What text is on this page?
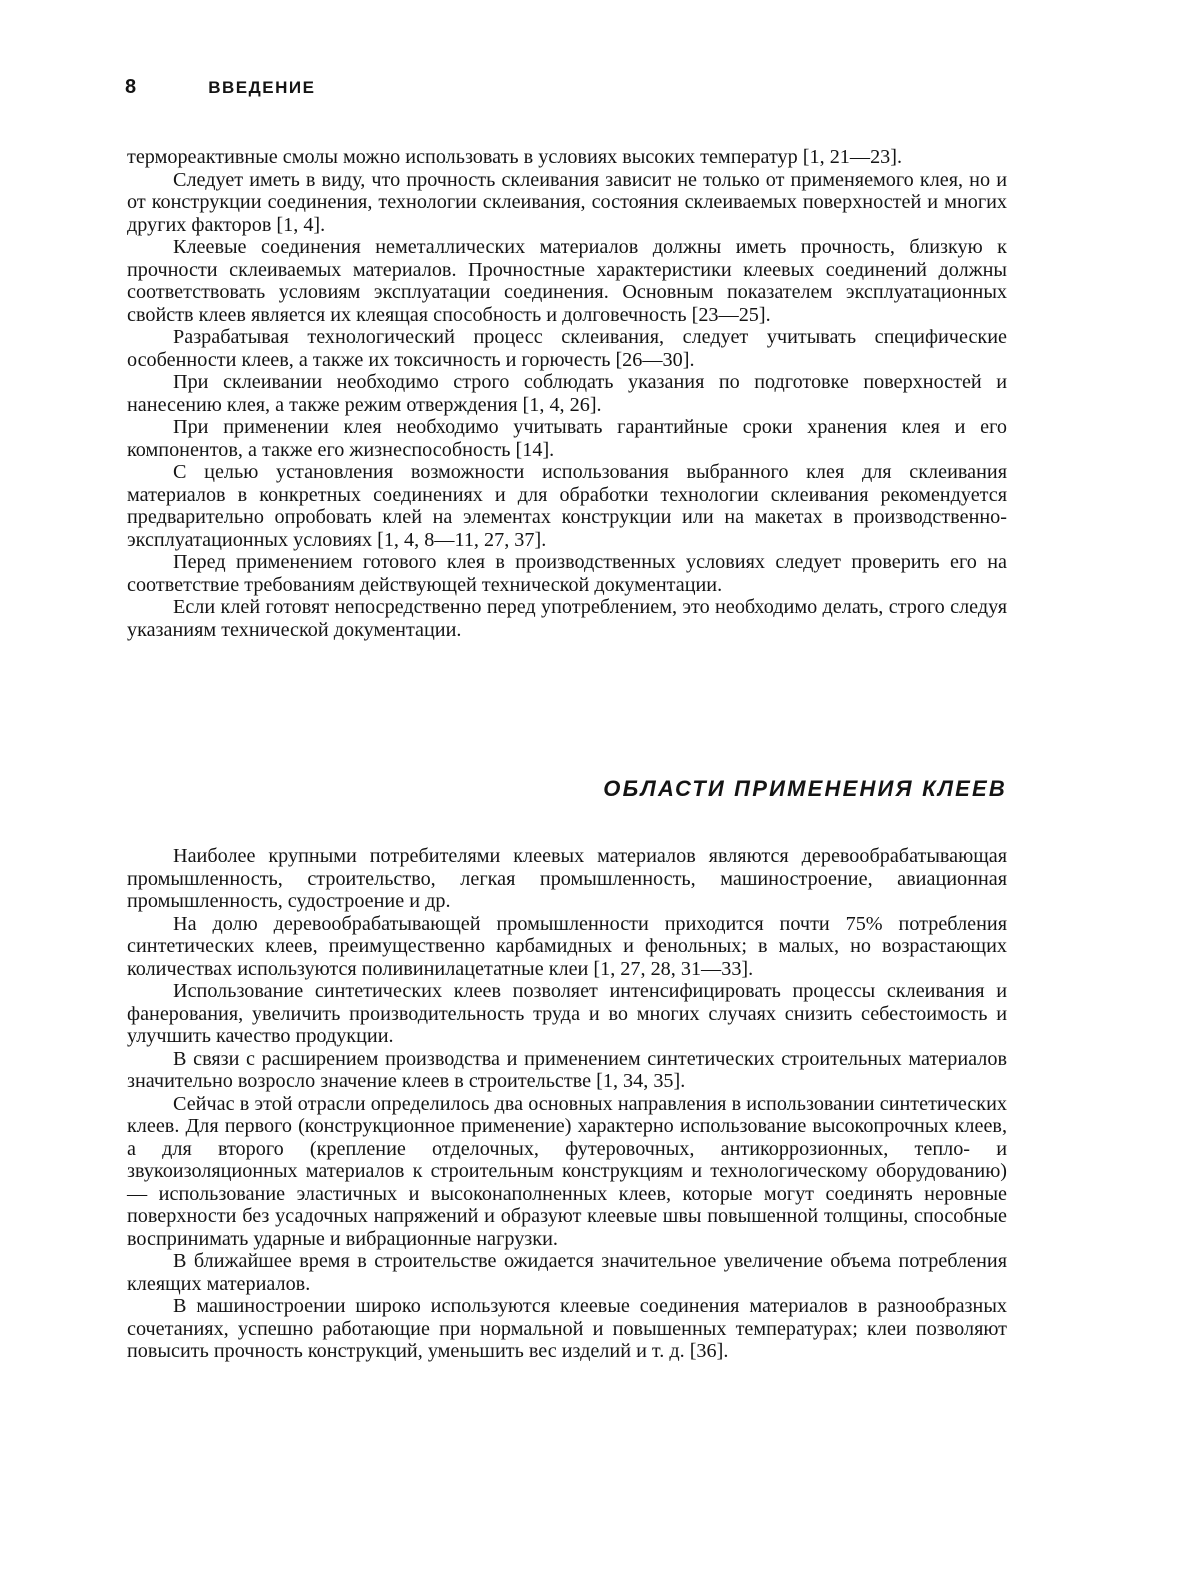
8	ВВЕДЕНИЕ

термореактивные смолы можно использовать в условиях высоких температур [1, 21—23].

Следует иметь в виду, что прочность склеивания зависит не только от применяемого клея, но и от конструкции соединения, технологии склеивания, состояния склеиваемых поверхностей и многих других факторов [1, 4].

Клеевые соединения неметаллических материалов должны иметь прочность, близкую к прочности склеиваемых материалов. Прочностные характеристики клеевых соединений должны соответствовать условиям эксплуатации соединения. Основным показателем эксплуатационных свойств клеев является их клеящая способность и долговечность [23—25].

Разрабатывая технологический процесс склеивания, следует учитывать специфические особенности клеев, а также их токсичность и горючесть [26—30].

При склеивании необходимо строго соблюдать указания по подготовке поверхностей и нанесению клея, а также режим отверждения [1, 4, 26].

При применении клея необходимо учитывать гарантийные сроки хранения клея и его компонентов, а также его жизнеспособность [14].

С целью установления возможности использования выбранного клея для склеивания материалов в конкретных соединениях и для обработки технологии склеивания рекомендуется предварительно опробовать клей на элементах конструкции или на макетах в производственно-эксплуатационных условиях [1, 4, 8—11, 27, 37].

Перед применением готового клея в производственных условиях следует проверить его на соответствие требованиям действующей технической документации.

Если клей готовят непосредственно перед употреблением, это необходимо делать, строго следуя указаниям технической документации.

ОБЛАСТИ ПРИМЕНЕНИЯ КЛЕЕВ

Наиболее крупными потребителями клеевых материалов являются деревообрабатывающая промышленность, строительство, легкая промышленность, машиностроение, авиационная промышленность, судостроение и др.

На долю деревообрабатывающей промышленности приходится почти 75% потребления синтетических клеев, преимущественно карбамидных и фенольных; в малых, но возрастающих количествах используются поливинилацетатные клеи [1, 27, 28, 31—33].

Использование синтетических клеев позволяет интенсифицировать процессы склеивания и фанерования, увеличить производительность труда и во многих случаях снизить себестоимость и улучшить качество продукции.

В связи с расширением производства и применением синтетических строительных материалов значительно возросло значение клеев в строительстве [1, 34, 35].

Сейчас в этой отрасли определилось два основных направления в использовании синтетических клеев. Для первого (конструкционное применение) характерно использование высокопрочных клеев, а для второго (крепление отделочных, футеровочных, антикоррозионных, тепло- и звукоизоляционных материалов к строительным конструкциям и технологическому оборудованию) — использование эластичных и высоконаполненных клеев, которые могут соединять неровные поверхности без усадочных напряжений и образуют клеевые швы повышенной толщины, способные воспринимать ударные и вибрационные нагрузки.

В ближайшее время в строительстве ожидается значительное увеличение объема потребления клеящих материалов.

В машиностроении широко используются клеевые соединения материалов в разнообразных сочетаниях, успешно работающие при нормальной и повышенных температурах; клеи позволяют повысить прочность конструкций, уменьшить вес изделий и т. д. [36].
